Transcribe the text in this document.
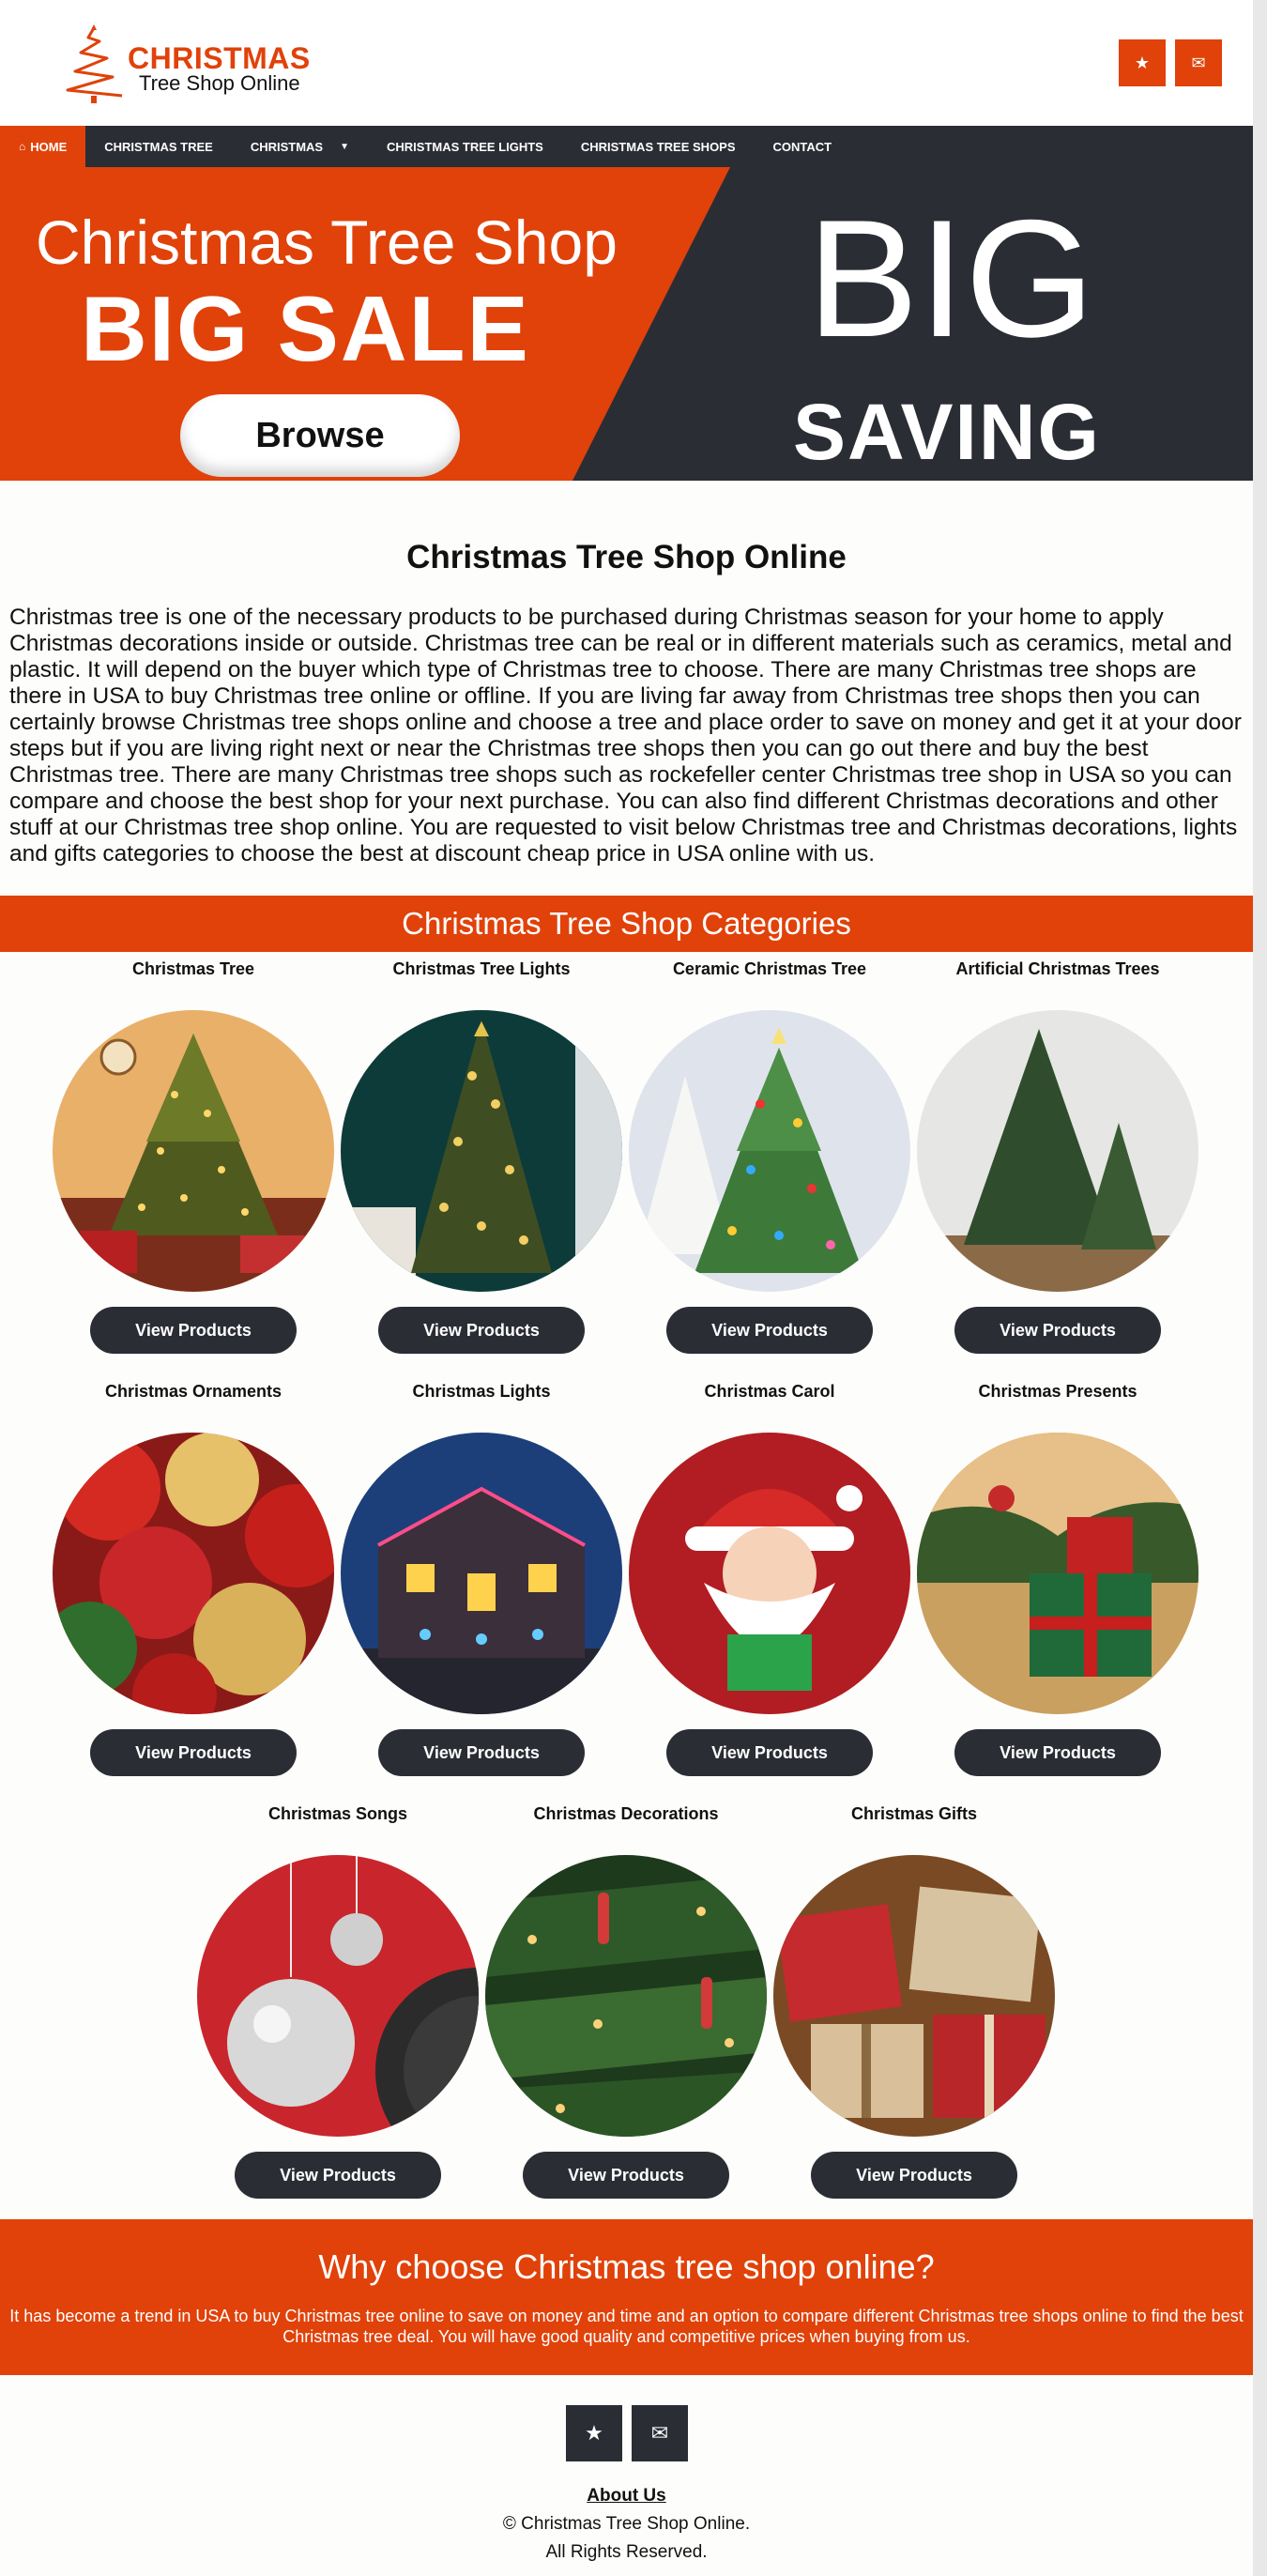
CHRISTMAS
Tree Shop Online
★ ✉
⌂ HOME	CHRISTMAS TREE	CHRISTMAS ▼	CHRISTMAS TREE LIGHTS	CHRISTMAS TREE SHOPS	CONTACT
Christmas Tree Shop
BIG SALE
Browse
BIG
SAVING
Christmas Tree Shop Online

Christmas tree is one of the necessary products to be purchased during Christmas season for your home to apply Christmas decorations inside or outside. Christmas tree can be real or in different materials such as ceramics, metal and plastic. It will depend on the buyer which type of Christmas tree to choose. There are many Christmas tree shops are there in USA to buy Christmas tree online or offline. If you are living far away from Christmas tree shops then you can certainly browse Christmas tree shops online and choose a tree and place order to save on money and get it at your door steps but if you are living right next or near the Christmas tree shops then you can go out there and buy the best Christmas tree. There are many Christmas tree shops such as rockefeller center Christmas tree shop in USA so you can compare and choose the best shop for your next purchase. You can also find different Christmas decorations and other stuff at our Christmas tree shop online. You are requested to visit below Christmas tree and Christmas decorations, lights and gifts categories to choose the best at discount cheap price in USA online with us.

Christmas Tree Shop Categories
Christmas Tree
View Products
Christmas Tree Lights
View Products
Ceramic Christmas Tree
View Products
Artificial Christmas Trees
View Products
Christmas Ornaments
View Products
Christmas Lights
View Products
Christmas Carol
View Products
Christmas Presents
View Products
Christmas Songs
View Products
Christmas Decorations
View Products
Christmas Gifts
View Products
Why choose Christmas tree shop online?

It has become a trend in USA to buy Christmas tree online to save on money and time and an option to compare different Christmas tree shops online to find the best Christmas tree deal. You will have good quality and competitive prices when buying from us.

★ ✉
About Us
© Christmas Tree Shop Online.
All Rights Reserved.
